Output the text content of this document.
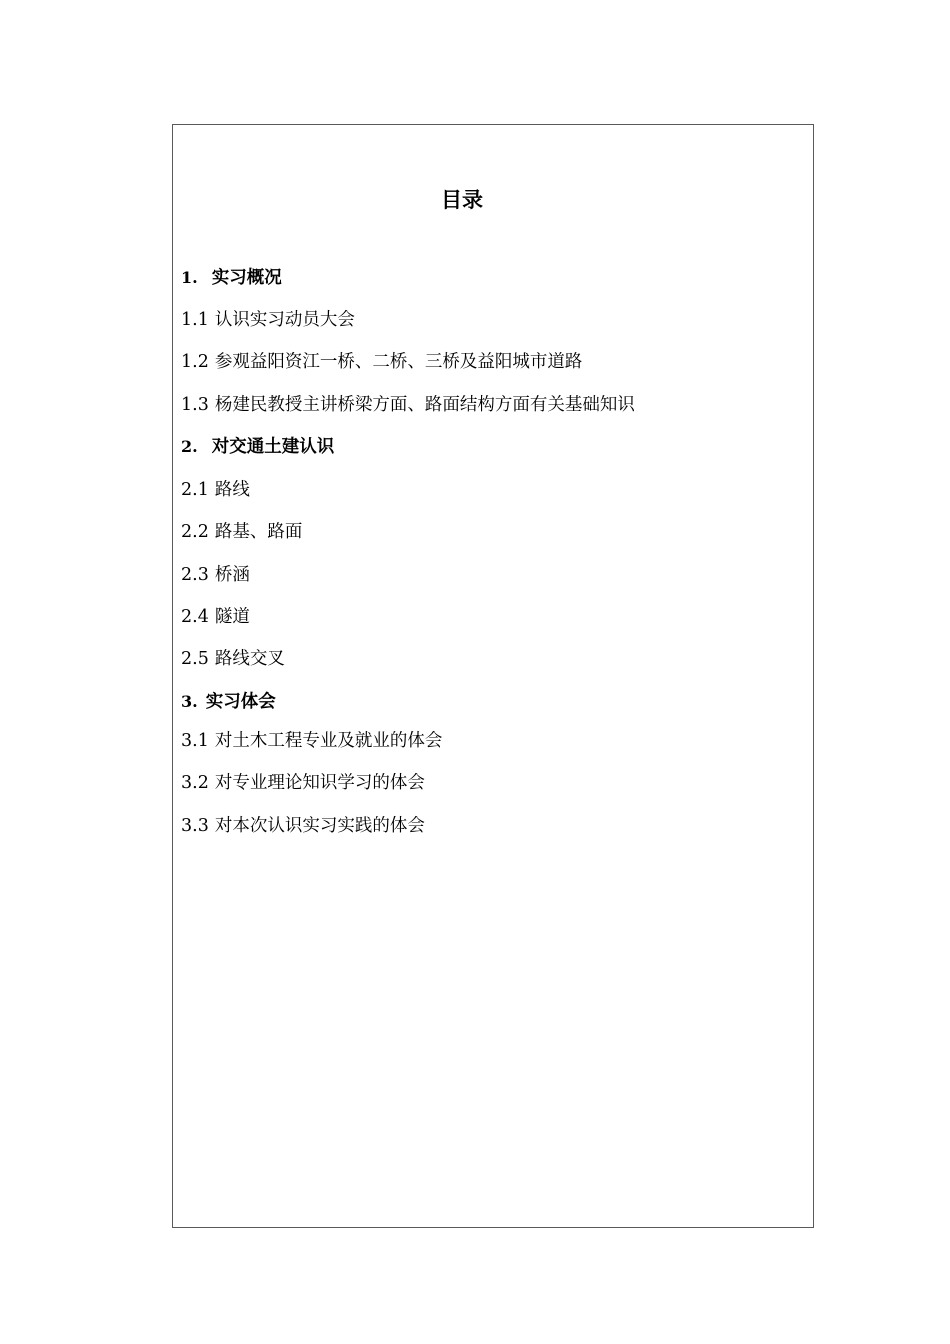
目录

1. 实习概况

1.1 认识实习动员大会

1.2 参观益阳资江一桥、二桥、三桥及益阳城市道路

1.3 杨建民教授主讲桥梁方面、路面结构方面有关基础知识

2. 对交通土建认识

2.1 路线

2.2 路基、路面

2.3 桥涵

2.4 隧道

2.5 路线交叉

3. 实习体会

3.1 对土木工程专业及就业的体会

3.2 对专业理论知识学习的体会

3.3 对本次认识实习实践的体会
